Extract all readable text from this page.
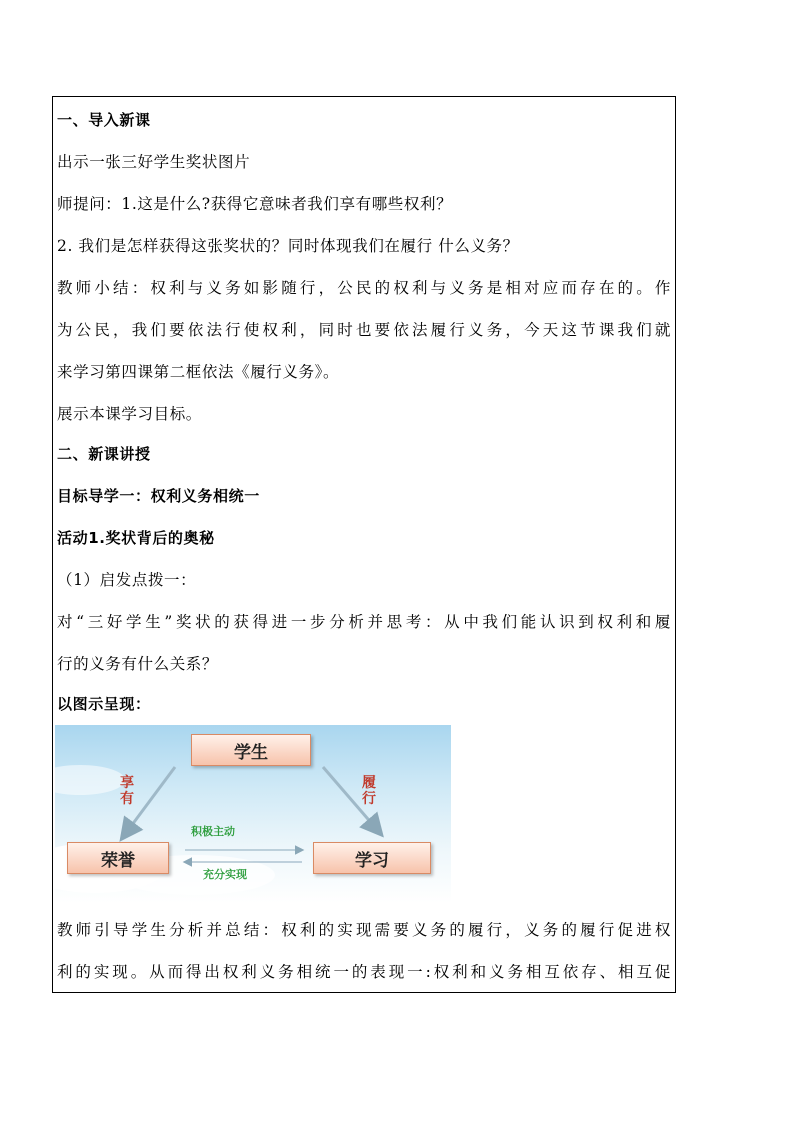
一、导入新课
出示一张三好学生奖状图片
师提问：1.这是什么?获得它意味者我们享有哪些权利？
2. 我们是怎样获得这张奖状的？同时体现我们在履行 什么义务？
教师小结：权利与义务如影随行，公民的权利与义务是相对应而存在的。作
为公民，我们要依法行使权利，同时也要依法履行义务，今天这节课我们就
来学习第四课第二框依法《履行义务》。
展示本课学习目标。
二、新课讲授
目标导学一：权利义务相统一
活动1.奖状背后的奥秘
（1）启发点拨一：
对“三好学生”奖状的获得进一步分析并思考：从中我们能认识到权利和履
行的义务有什么关系？
以图示呈现：
学生
荣誉	学习
享
有
履
行
积极主动
充分实现
教师引导学生分析并总结：权利的实现需要义务的履行，义务的履行促进权
利的实现。从而得出权利义务相统一的表现一:权利和义务相互依存、相互促
